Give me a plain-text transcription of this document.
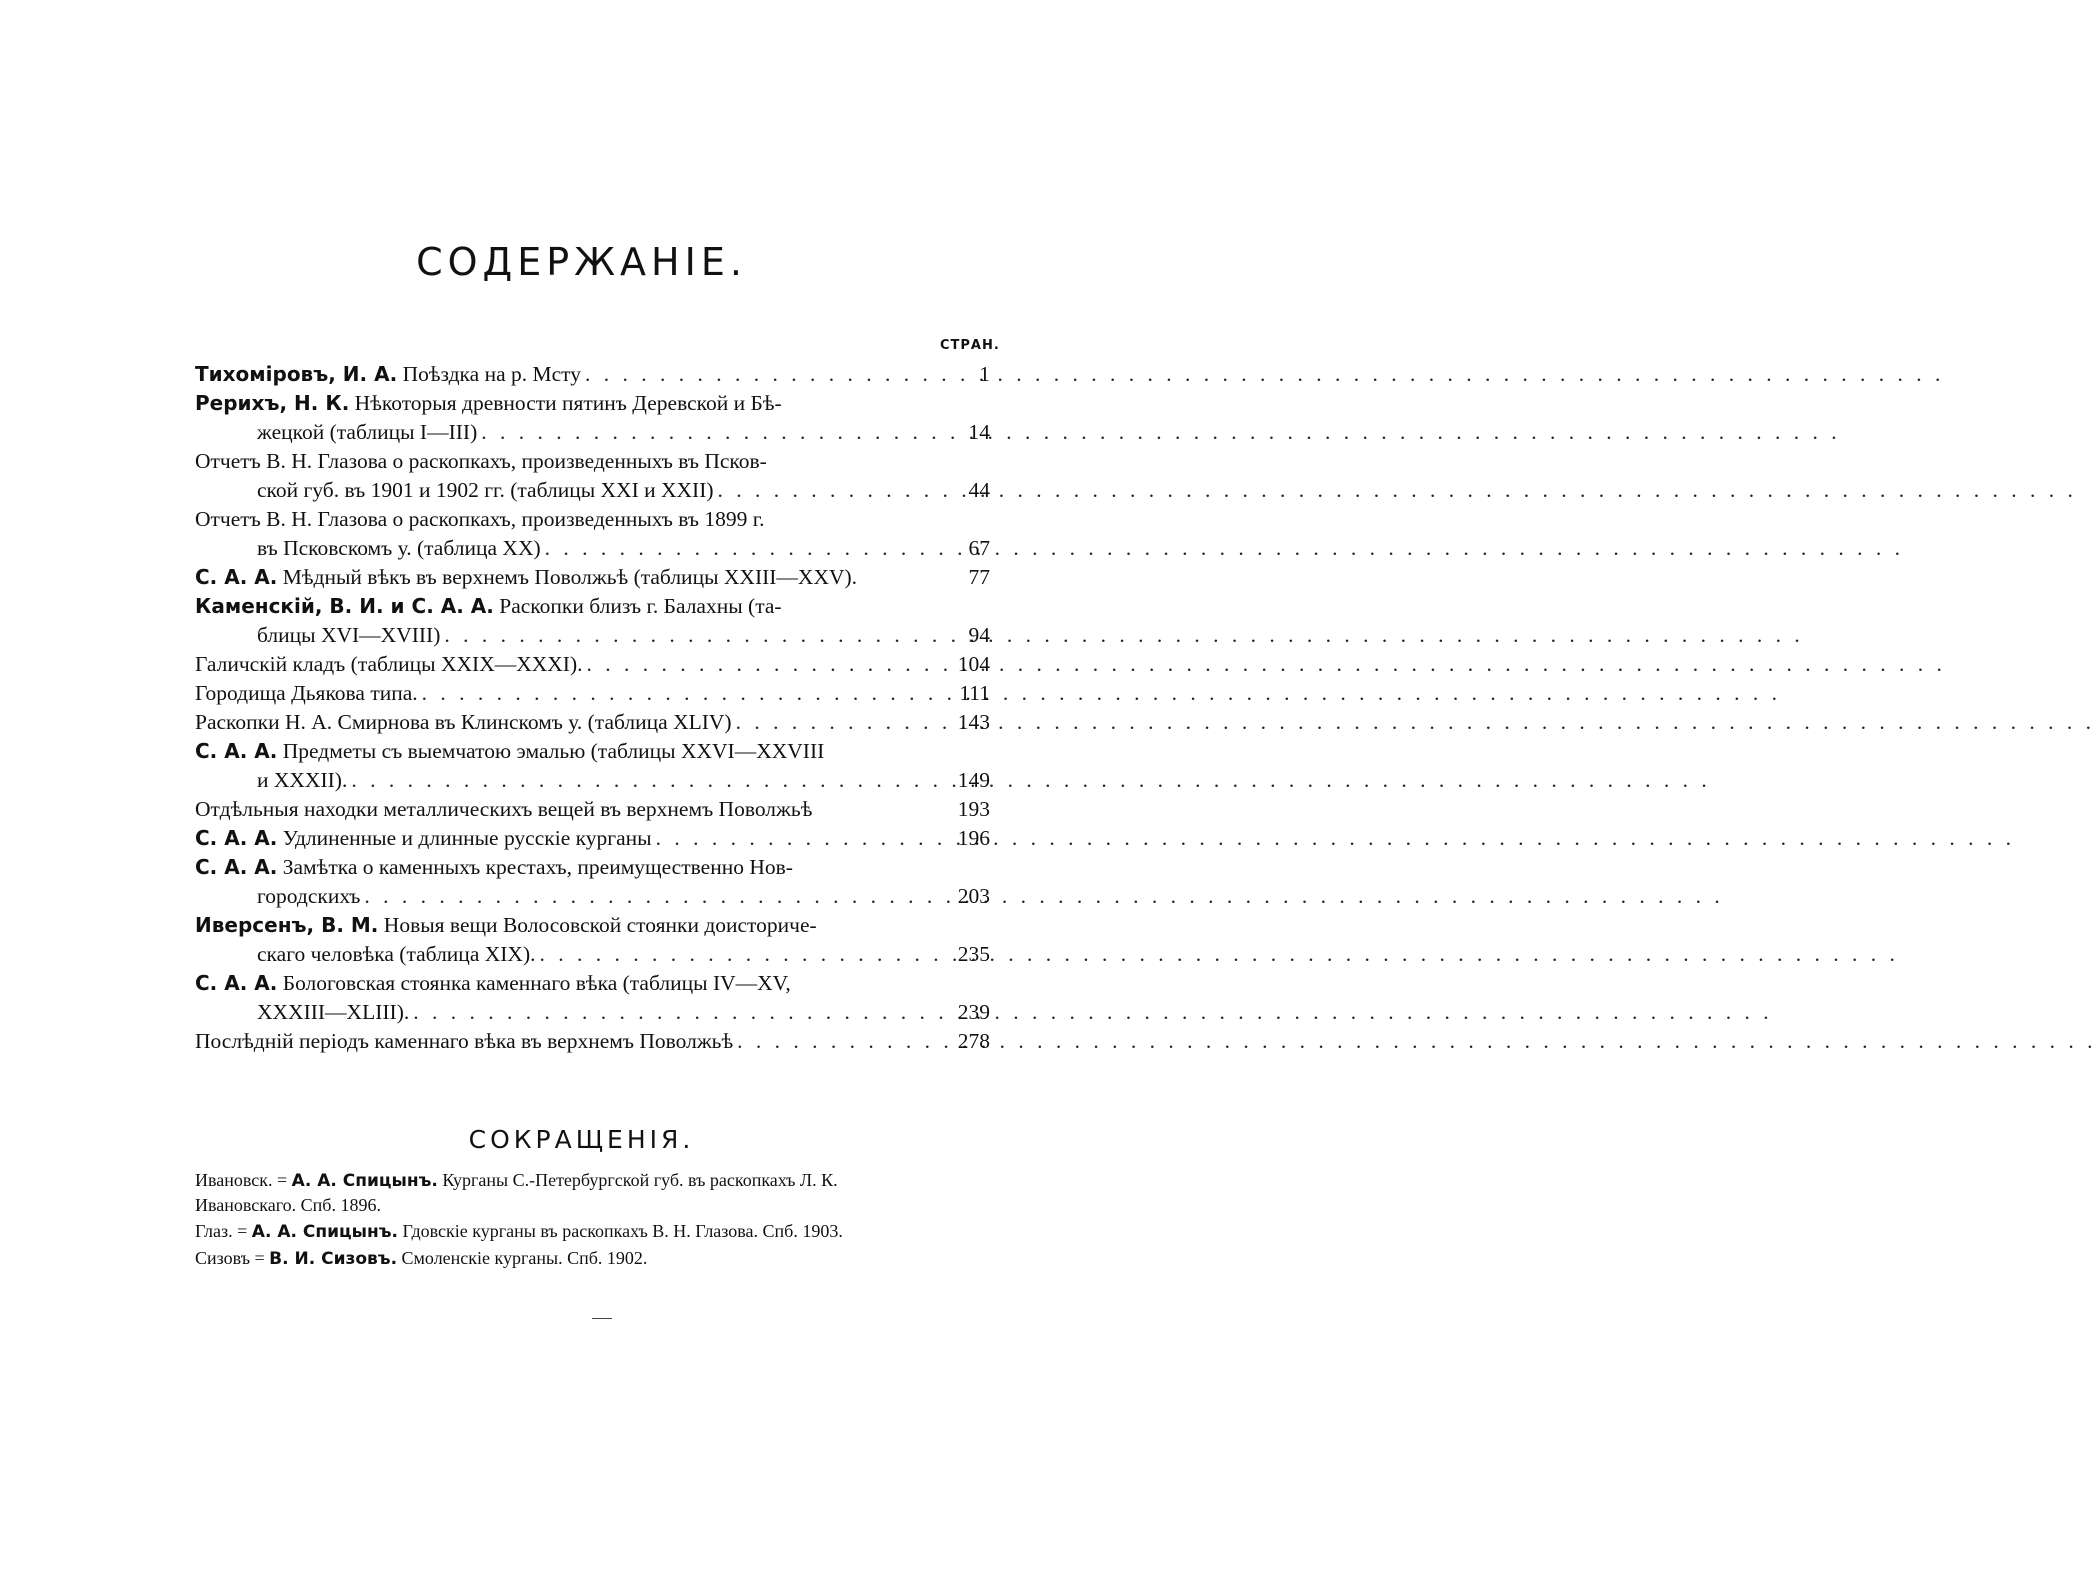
СОДЕРЖАНІЕ.
СТРАН.
Тихоміровъ, И. А. Поѣздка на р. Мсту . . .	1
Рерихъ, Н. К. Нѣкоторыя древности пятинъ Деревской и Бѣ-
жецкой (таблицы I—III) . . .	14
Отчетъ В. Н. Глазова о раскопкахъ, произведенныхъ въ Псков-
ской губ. въ 1901 и 1902 гг. (таблицы XXI и XXII) . . .	44
Отчетъ В. Н. Глазова о раскопкахъ, произведенныхъ въ 1899 г.
въ Псковскомъ у. (таблица XX) . . .	67
С. А. А. Мѣдный вѣкъ въ верхнемъ Поволжьѣ (таблицы XXIII—XXV).	77
Каменскій, В. И. и С. А. А. Раскопки близъ г. Балахны (та-
блицы XVI—XVIII) . . .	94
Галичскій кладъ (таблицы XXIX—XXXI). . . .	104
Городища Дьякова типа. . . .	111
Раскопки Н. А. Смирнова въ Клинскомъ у. (таблица XLIV) . . .	143
С. А. А. Предметы съ выемчатою эмалью (таблицы XXVI—XXVIII
и XXXII). . . .	149
Отдѣльныя находки металлическихъ вещей въ верхнемъ Поволжьѣ	193
С. А. А. Удлиненные и длинные русскіе курганы . . .	196
С. А. А. Замѣтка о каменныхъ крестахъ, преимущественно Нов-
городскихъ . . .	203
Иверсенъ, В. М. Новыя вещи Волосовской стоянки доисториче-
скаго человѣка (таблица XIX). . . .	235
С. А. А. Бологовская стоянка каменнаго вѣка (таблицы IV—XV,
XXXIII—XLIII). . . .	239
Послѣдній періодъ каменнаго вѣка въ верхнемъ Поволжьѣ . . .	278
СОКРАЩЕНІЯ.
Ивановск. = А. А. Спицынъ. Курганы С.-Петербургской губ. въ раскопкахъ Л. К.
Ивановскаго. Спб. 1896.
Глаз. = А. А. Спицынъ. Гдовскіе курганы въ раскопкахъ В. Н. Глазова. Спб. 1903.
Сизовъ = В. И. Сизовъ. Смоленскіе курганы. Спб. 1902.
